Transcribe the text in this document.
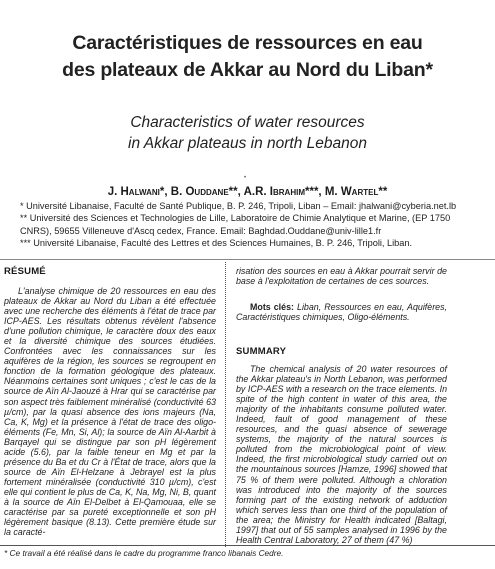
Caractéristiques de ressources en eau
des plateaux de Akkar au Nord du Liban*
Characteristics of water resources
in Akkar plateaus in north Lebanon
•
J. Halwani*, B. Ouddane**, A.R. Ibrahim***, M. Wartel**
* Université Libanaise, Faculté de Santé Publique, B. P. 246, Tripoli, Liban – Email: jhalwani@cyberia.net.lb
** Université des Sciences et Technologies de Lille, Laboratoire de Chimie Analytique et Marine, (EP 1750 CNRS), 59655 Villeneuve d'Ascq cedex, France. Email: Baghdad.Ouddane@univ-lille1.fr
*** Université Libanaise, Faculté des Lettres et des Sciences Humaines, B. P. 246, Tripoli, Liban.
RÉSUMÉ

L'analyse chimique de 20 ressources en eau des plateaux de Akkar au Nord du Liban a été effectuée avec une recherche des éléments à l'état de trace par ICP-AES. Les résultats obtenus révèlent l'absence d'une pollution chimique, le caractère doux des eaux et la diversité chimique des sources étudiées. Confrontées avec les connaissances sur les aquifères de la région, les sources se regroupent en fonction de la formation géologique des plateaux. Néanmoins certaines sont uniques ; c'est le cas de la source de Aïn Al-Jaouzé à Hrar qui se caractérise par son aspect très faiblement minéralisé (conductivité 63 µ/cm), par la quasi absence des ions majeurs (Na, Ca, K, Mg) et la présence à l'état de trace des oligo-éléments (Fe, Mn, Si, Al); la source de Aïn Al-Aarbit à Barqayel qui se distingue par son pH légèrement acide (5.6), par la faible teneur en Mg et par la présence du Ba et du Cr à l'État de trace, alors que la source de Aïn El-Helzane à Jebrayel est la plus fortement minéralisée (conductivité 310 µ/cm), c'est elle qui contient le plus de Ca, K, Na, Mg, Ni, B, quant à la source de Aïn El-Delbet à El-Qamouaa, elle se caractérise par sa pureté exceptionnelle et son pH légèrement basique (8.13). Cette première étude sur la caracté-

risation des sources en eau à Akkar pourrait servir de base à l'exploitation de certaines de ces sources.
Mots clés: Liban, Ressources en eau, Aquifères, Caractéristiques chimiques, Oligo-éléments.
SUMMARY

The chemical analysis of 20 water resources of the Akkar plateau's in North Lebanon, was performed by ICP-AES with a research on the trace elements. In spite of the high content in water of this area, the majority of the inhabitants consume polluted water. Indeed, fault of good management of these resources, and the quasi absence of sewerage systems, the majority of the natural sources is polluted from the microbiological point of view. Indeed, the first microbiological study carried out on the mountainous sources [Hamze, 1996] showed that 75 % of them were polluted. Although a chloration was introduced into the majority of the sources forming part of the existing network of adduction which serves less than one third of the population of the area; the Ministry for Health indicated [Baltagi, 1997] that out of 55 samples analysed in 1996 by the Health Central Laboratory, 27 of them (47 %)

* Ce travail a été réalisé dans le cadre du programme franco libanais Cedre.
